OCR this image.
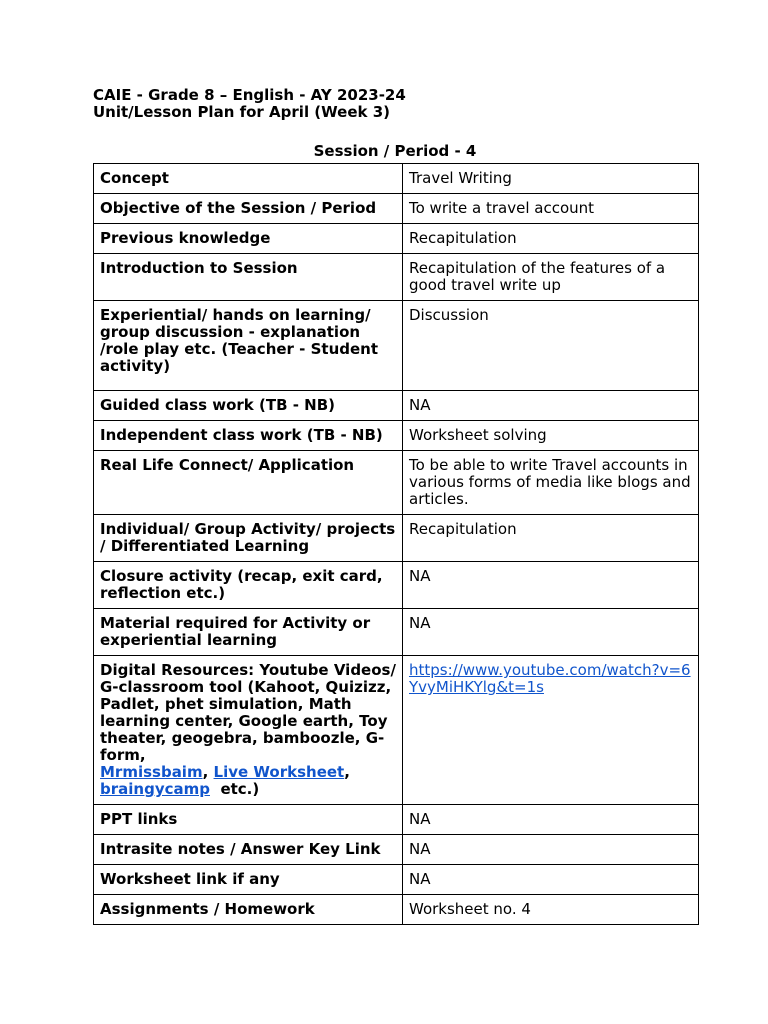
CAIE - Grade 8 – English - AY 2023-24
Unit/Lesson Plan for April (Week 3)
Session / Period - 4
Concept	Travel Writing
Objective of the Session / Period	To write a travel account
Previous knowledge	Recapitulation
Introduction to Session	Recapitulation of the features of a good travel write up
Experiential/ hands on learning/ group discussion - explanation /role play etc. (Teacher - Student activity)	Discussion
Guided class work (TB - NB)	NA
Independent class work (TB - NB)	Worksheet solving
Real Life Connect/ Application	To be able to write Travel accounts in various forms of media like blogs and articles.
Individual/ Group Activity/ projects / Differentiated Learning	Recapitulation
Closure activity (recap, exit card, reflection etc.)	NA
Material required for Activity or experiential learning	NA
Digital Resources: Youtube Videos/ G-classroom tool (Kahoot, Quizizz, Padlet, phet simulation, Math learning center, Google earth, Toy theater, geogebra, bamboozle, G-form,
Mrmissbaim, Live Worksheet,
braingycamp etc.)	https://www.youtube.com/watch?v=6YvyMiHKYlg&t=1s
PPT links	NA
Intrasite notes / Answer Key Link	NA
Worksheet link if any	NA
Assignments / Homework	Worksheet no. 4
